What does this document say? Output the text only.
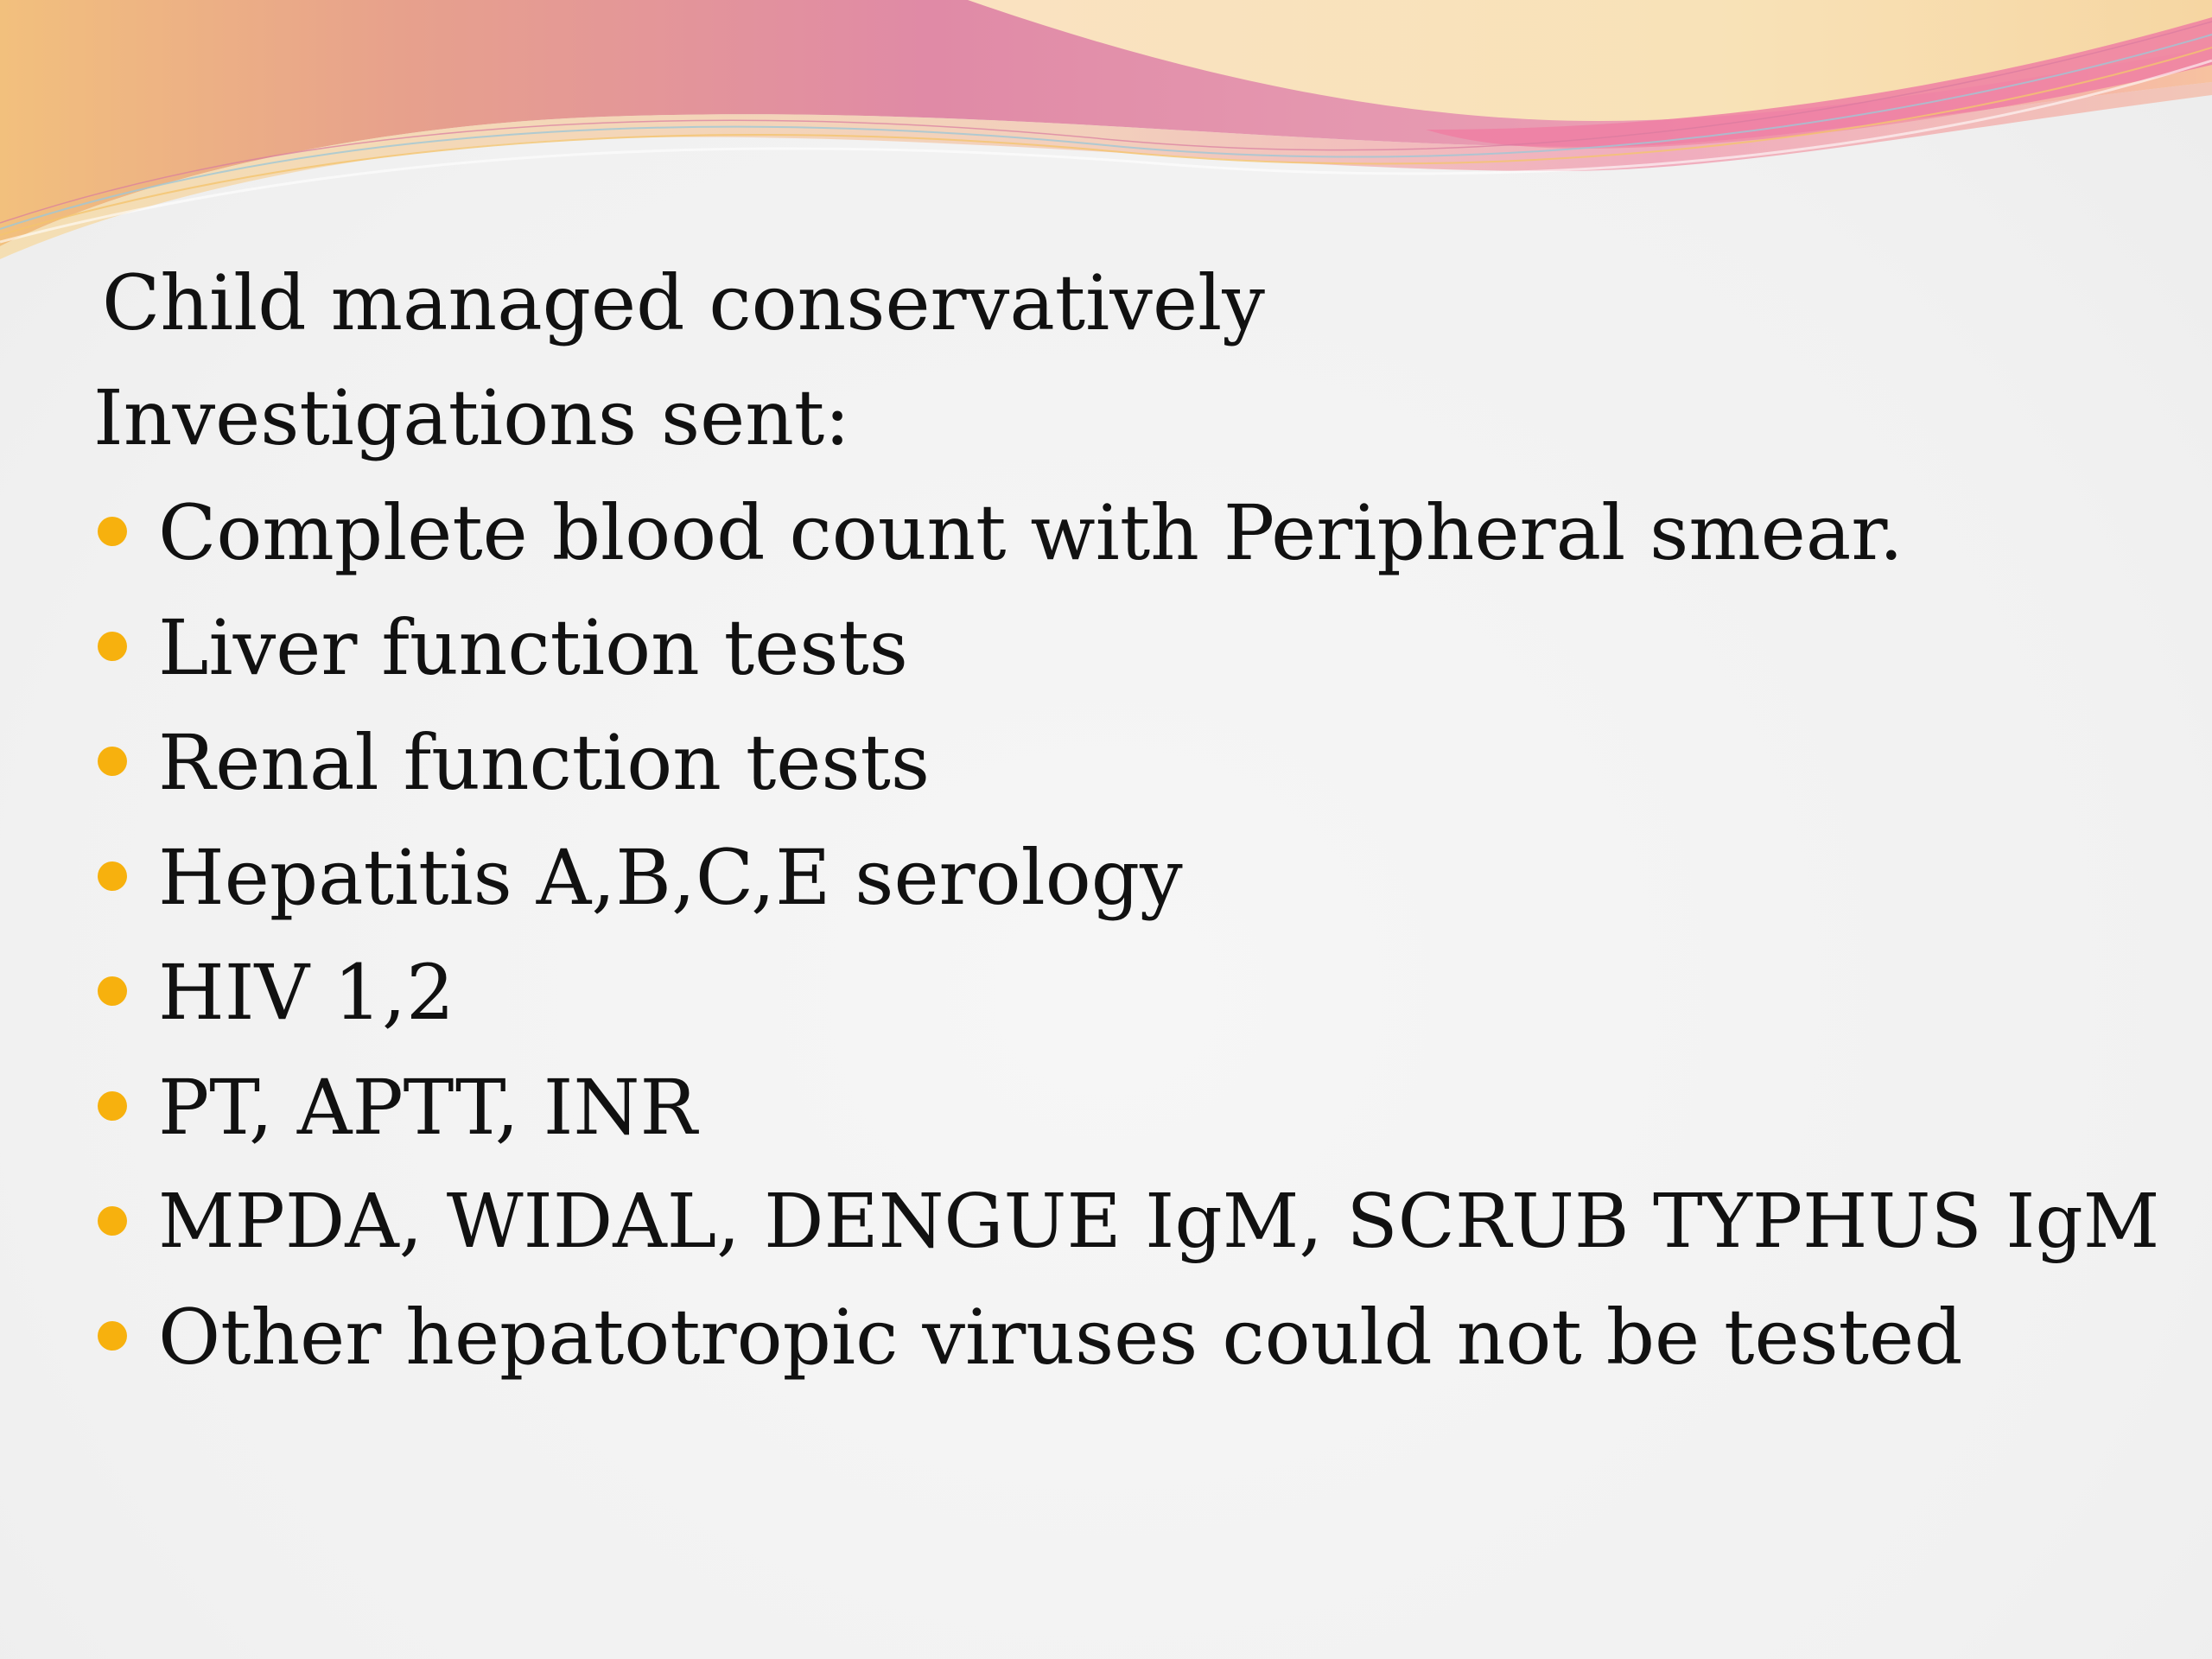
Child managed conservatively
Investigations sent:
Complete blood count with Peripheral smear.
Liver function tests
Renal function tests
Hepatitis A,B,C,E serology
HIV 1,2
PT, APTT, INR
MPDA, WIDAL, DENGUE IgM, SCRUB TYPHUS IgM
Other hepatotropic viruses could not be tested
